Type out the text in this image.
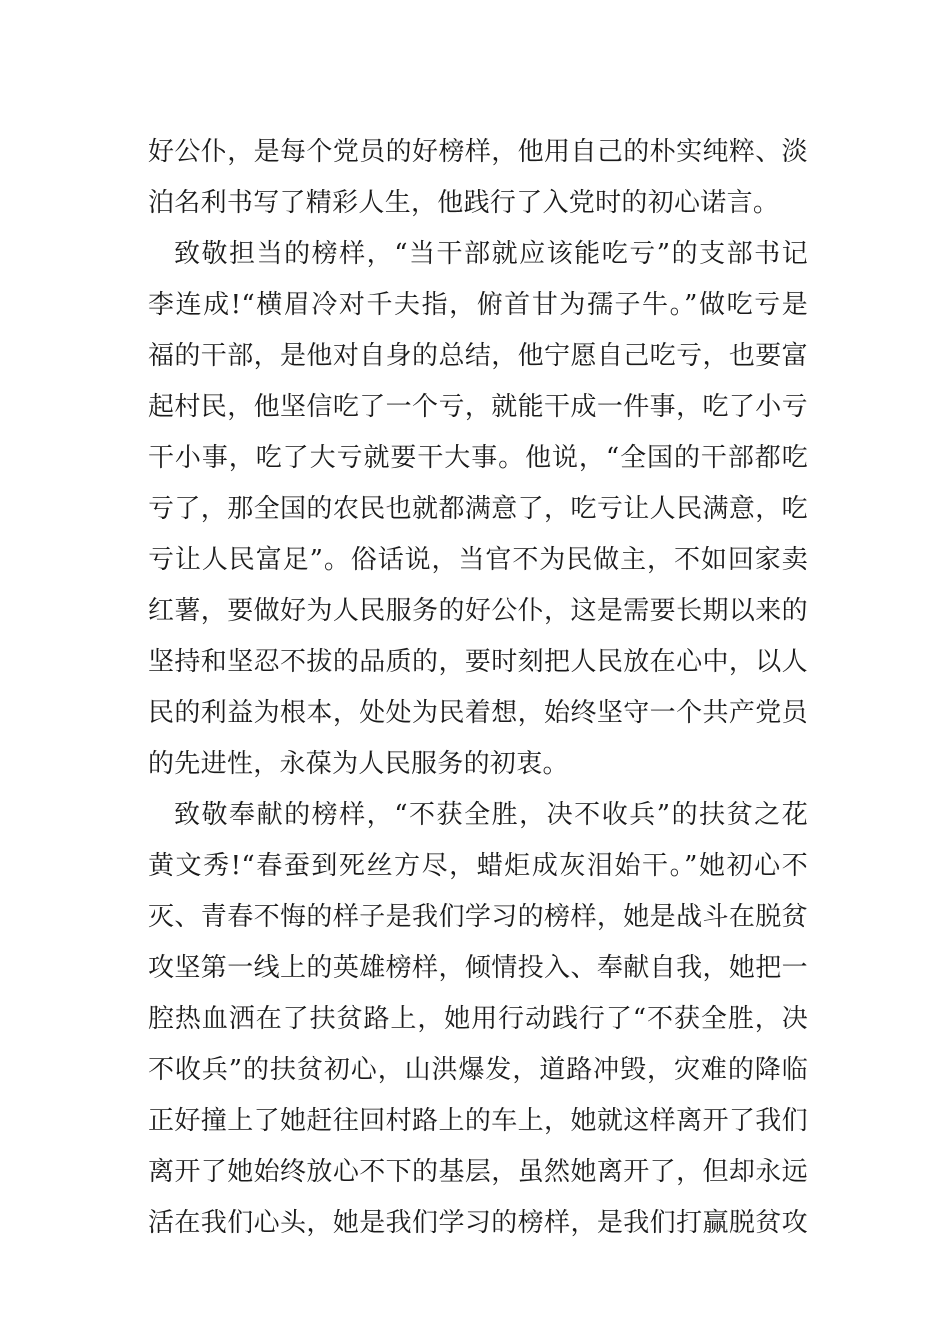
好公仆，是每个党员的好榜样，他用自己的朴实纯粹、淡
泊名利书写了精彩人生，他践行了入党时的初心诺言。
致敬担当的榜样，“当干部就应该能吃亏”的支部书记
李连成!“横眉冷对千夫指，俯首甘为孺子牛。”做吃亏是
福的干部，是他对自身的总结，他宁愿自己吃亏，也要富
起村民，他坚信吃了一个亏，就能干成一件事，吃了小亏
干小事，吃了大亏就要干大事。他说，“全国的干部都吃
亏了，那全国的农民也就都满意了，吃亏让人民满意，吃
亏让人民富足”。俗话说，当官不为民做主，不如回家卖
红薯，要做好为人民服务的好公仆，这是需要长期以来的
坚持和坚忍不拔的品质的，要时刻把人民放在心中，以人
民的利益为根本，处处为民着想，始终坚守一个共产党员
的先进性，永葆为人民服务的初衷。
致敬奉献的榜样，“不获全胜，决不收兵”的扶贫之花
黄文秀!“春蚕到死丝方尽，蜡炬成灰泪始干。”她初心不
灭、青春不悔的样子是我们学习的榜样，她是战斗在脱贫
攻坚第一线上的英雄榜样，倾情投入、奉献自我，她把一
腔热血洒在了扶贫路上，她用行动践行了“不获全胜，决
不收兵”的扶贫初心，山洪爆发，道路冲毁，灾难的降临
正好撞上了她赶往回村路上的车上，她就这样离开了我们
离开了她始终放心不下的基层，虽然她离开了，但却永远
活在我们心头，她是我们学习的榜样，是我们打赢脱贫攻
